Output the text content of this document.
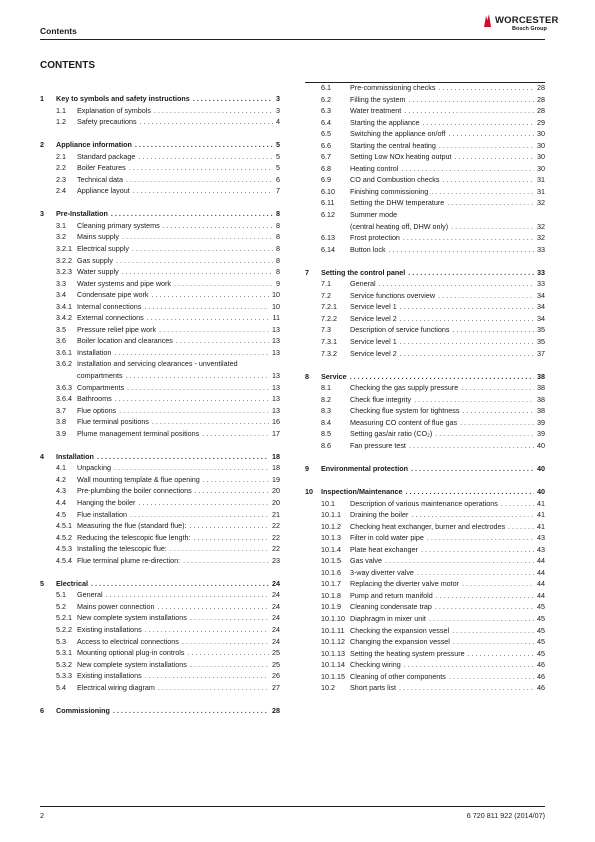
Contents
WORCESTER
Bosch Group
CONTENTS
1	Key to symbols and safety instructions . . .	3
1.1	Explanation of symbols . . .	3
1.2	Safety precautions . . .	4
2	Appliance information . . .	5
2.1	Standard package . . .	5
2.2	Boiler Features . . .	5
2.3	Technical data . . .	6
2.4	Appliance layout . . .	7
3	Pre-Installation . . .	8
3.1	Cleaning primary systems . . .	8
3.2	Mains supply . . .	8
3.2.1 Electrical supply . . .	8
3.2.2 Gas supply . . .	8
3.2.3 Water supply . . .	8
3.3	Water systems and pipe work . . .	9
3.4	Condensate pipe work . . .	10
3.4.1 Internal connections . . .	10
3.4.2 External connections . . .	11
3.5	Pressure relief pipe work . . .	13
3.6	Boiler location and clearances . . .	13
3.6.1 Installation . . .	13
3.6.2 Installation and servicing clearances - unventilated
compartments . . .	13
3.6.3 Compartments . . .	13
3.6.4 Bathrooms . . .	13
3.7	Flue options . . .	13
3.8	Flue terminal positions . . .	16
3.9	Plume management terminal positions . . .	17
4	Installation . . .	18
4.1	Unpacking . . .	18
4.2	Wall mounting template & flue opening . . .	19
4.3	Pre-plumbing the boiler connections . . .	20
4.4	Hanging the boiler . . .	20
4.5	Flue installation . . .	21
4.5.1 Measuring the flue (standard flue): . . .	22
4.5.2 Reducing the telescopic flue length: . . .	22
4.5.3 Installing the telescopic flue: . . .	22
4.5.4 Flue terminal plume re-direction: . . .	23
5	Electrical . . .	24
5.1	General . . .	24
5.2	Mains power connection . . .	24
5.2.1 New complete system installations . . .	24
5.2.2 Existing installations . . .	24
5.3	Access to electrical connections . . .	24
5.3.1 Mounting optional plug-in controls . . .	25
5.3.2 New complete system installations . . .	25
5.3.3 Existing installations . . .	26
5.4	Electrical wiring diagram . . .	27
6	Commissioning . . .	28
6.1	Pre-commissioning checks . . .	28
6.2	Filling the system . . .	28
6.3	Water treatment . . .	28
6.4	Starting the appliance . . .	29
6.5	Switching the appliance on/off . . .	30
6.6	Starting the central heating . . .	30
6.7	Setting Low NOx heating output . . .	30
6.8	Heating control . . .	30
6.9	CO and Combustion checks . . .	31
6.10	Finishing commissioning . . .	31
6.11	Setting the DHW temperature . . .	32
6.12	Summer mode
(central heating off, DHW only) . . .	32
6.13	Frost protection . . .	32
6.14	Button lock . . .	33
7	Setting the control panel . . .	33
7.1	General . . .	33
7.2	Service functions overview . . .	34
7.2.1	Service level 1 . . .	34
7.2.2	Service level 2 . . .	34
7.3	Description of service functions . . .	35
7.3.1	Service level 1 . . .	35
7.3.2	Service level 2 . . .	37
8	Service . . .	38
8.1	Checking the gas supply pressure . . .	38
8.2	Check flue integrity . . .	38
8.3	Checking flue system for tightness . . .	38
8.4	Measuring CO content of flue gas . . .	39
8.5	Setting gas/air ratio (CO₂) . . .	39
8.6	Fan pressure test . . .	40
9	Environmental protection . . .	40
10	Inspection/Maintenance . . .	40
10.1	Description of various maintenance operations . . .	41
10.1.1	Draining the boiler . . .	41
10.1.2	Checking heat exchanger, burner and electrodes . . .	41
10.1.3	Filter in cold water pipe . . .	43
10.1.4	Plate heat exchanger . . .	43
10.1.5	Gas valve . . .	44
10.1.6	3-way diverter valve . . .	44
10.1.7	Replacing the diverter valve motor . . .	44
10.1.8	Pump and return manifold . . .	44
10.1.9	Cleaning condensate trap . . .	45
10.1.10 Diaphragm in mixer unit . . .	45
10.1.11 Checking the expansion vessel . . .	45
10.1.12 Changing the expansion vessel . . .	45
10.1.13 Setting the heating system pressure . . .	45
10.1.14 Checking wiring . . .	46
10.1.15 Cleaning of other components . . .	46
10.2	Short parts list . . .	46
2	6 720 811 922 (2014/07)
